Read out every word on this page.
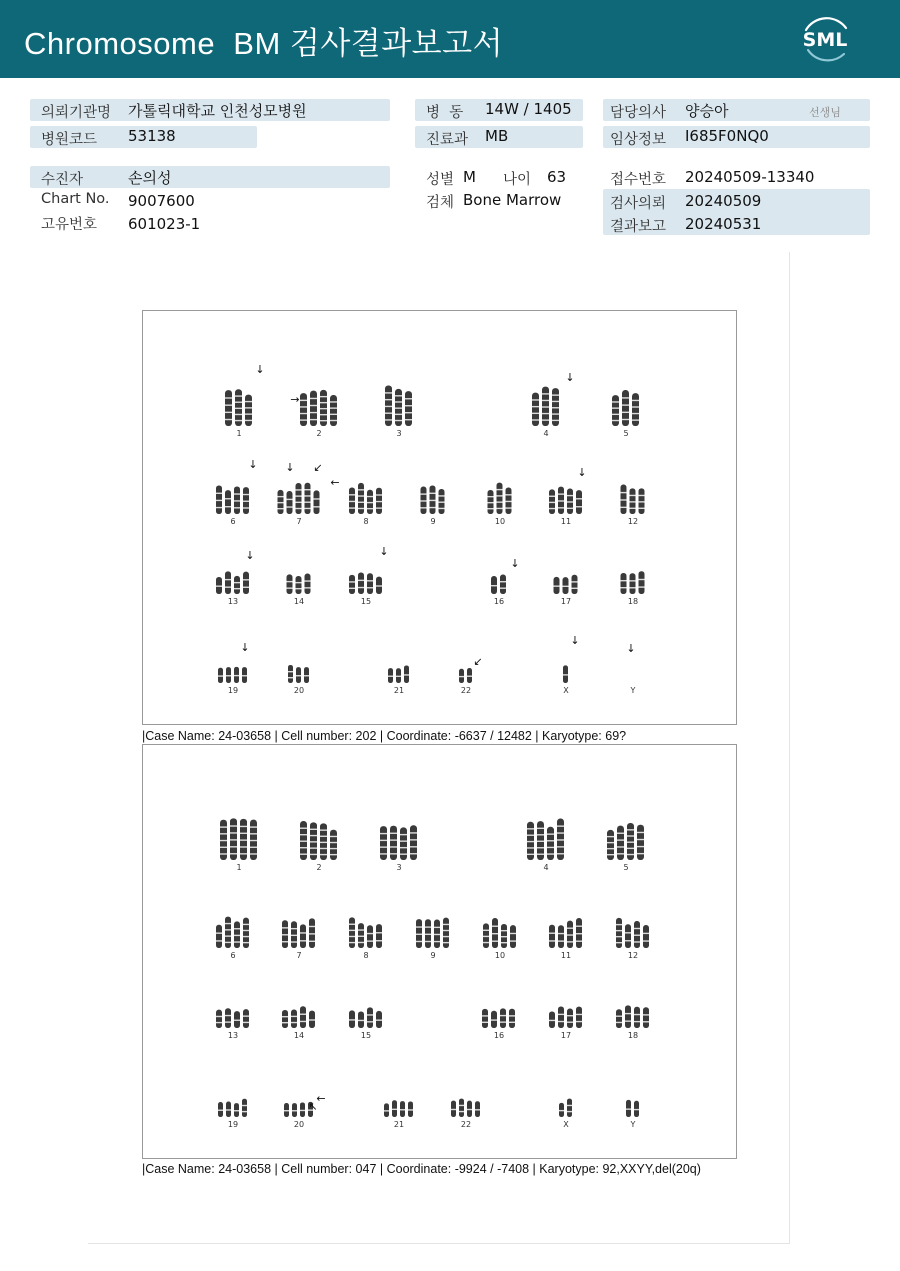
Chromosome  BM 검사결과보고서	SML
의뢰기관명 가톨릭대학교 인천성모병원
병원코드 53138
수진자	손의성
Chart No. 9007600
고유번호 601023-1
병  동 14W / 1405
진료과 MB
성별 M 나이 63
검체 Bone Marrow
담당의사 양승아	선생님
임상정보 I685F0NQ0
접수번호 20240509-13340
검사의뢰 20240509
결과보고 20240531
1	2	3	4	5
6	7	8	9	10	11	12
13	14	15	16	17	18
19	20	21	22	X	Y
↓
→
↓
↓	↓ ↙
←
↓
↓	↓
↓
↓
↙
↓
↓
|Case Name: 24-03658 | Cell number: 202 | Coordinate: -6637 / 12482 | Karyotype: 69?
1	2	3	4	5
6	7	8	9	10	11	12
13	14	15	16	17	18
19	20	21	22	X	Y
←
↖
|Case Name: 24-03658 | Cell number: 047 | Coordinate: -9924 / -7408 | Karyotype: 92,XXYY,del(20q)
